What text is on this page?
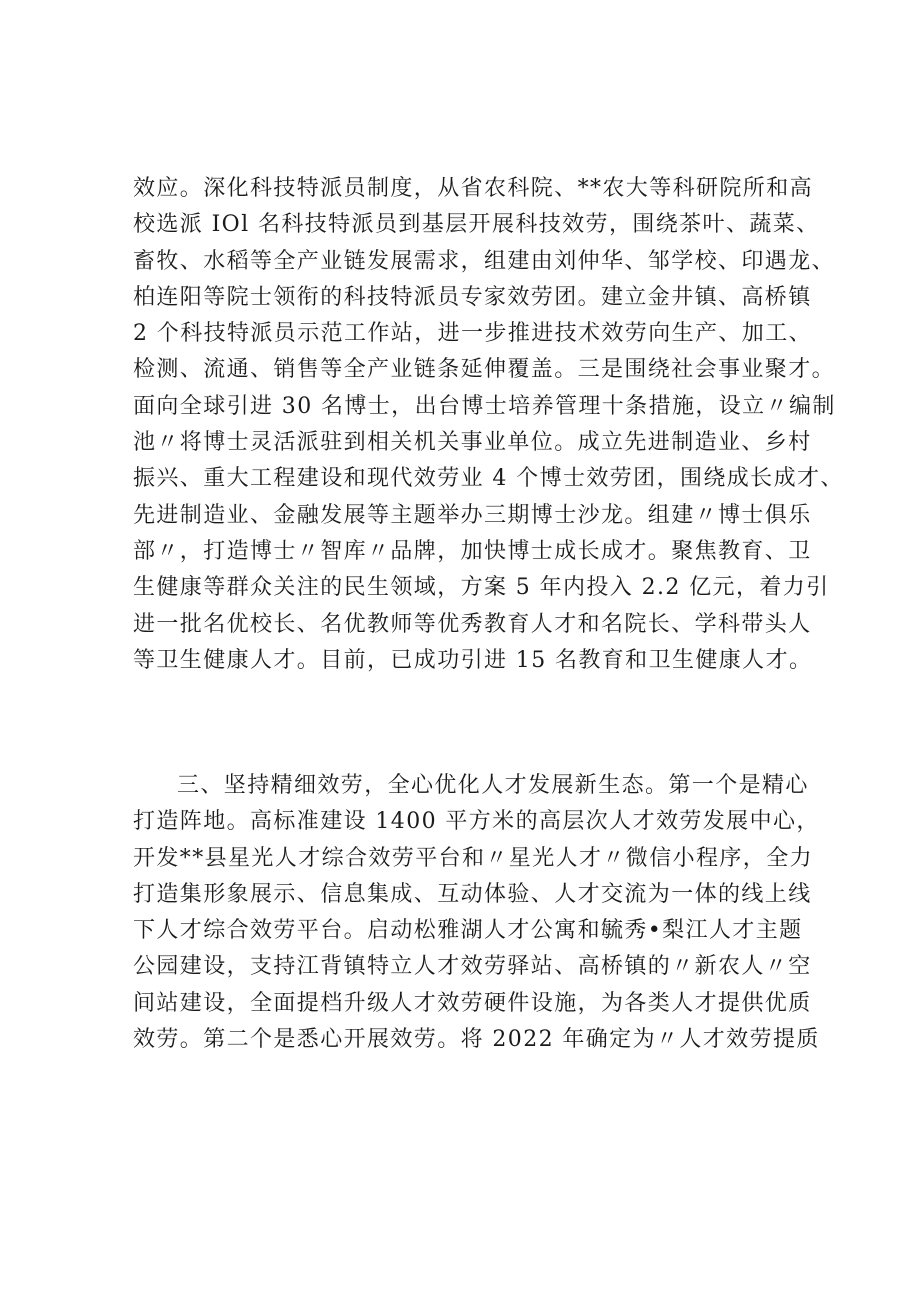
效应。深化科技特派员制度，从省农科院、**农大等科研院所和高
校选派 IOl 名科技特派员到基层开展科技效劳，围绕茶叶、蔬菜、
畜牧、水稻等全产业链发展需求，组建由刘仲华、邹学校、印遇龙、
柏连阳等院士领衔的科技特派员专家效劳团。建立金井镇、高桥镇
2 个科技特派员示范工作站，进一步推进技术效劳向生产、加工、
检测、流通、销售等全产业链条延伸覆盖。三是围绕社会事业聚才。
面向全球引进 30 名博士，出台博士培养管理十条措施，设立〃编制
池〃将博士灵活派驻到相关机关事业单位。成立先进制造业、乡村
振兴、重大工程建设和现代效劳业 4 个博士效劳团，围绕成长成才、
先进制造业、金融发展等主题举办三期博士沙龙。组建〃博士俱乐
部〃，打造博士〃智库〃品牌，加快博士成长成才。聚焦教育、卫
生健康等群众关注的民生领域，方案 5 年内投入 2.2 亿元，着力引
进一批名优校长、名优教师等优秀教育人才和名院长、学科带头人
等卫生健康人才。目前，已成功引进 15 名教育和卫生健康人才。
三、坚持精细效劳，全心优化人才发展新生态。第一个是精心
打造阵地。高标准建设 1400 平方米的高层次人才效劳发展中心，
开发**县星光人才综合效劳平台和〃星光人才〃微信小程序，全力
打造集形象展示、信息集成、互动体验、人才交流为一体的线上线
下人才综合效劳平台。启动松雅湖人才公寓和毓秀•梨江人才主题
公园建设，支持江背镇特立人才效劳驿站、高桥镇的〃新农人〃空
间站建设，全面提档升级人才效劳硬件设施，为各类人才提供优质
效劳。第二个是悉心开展效劳。将 2022 年确定为〃人才效劳提质
